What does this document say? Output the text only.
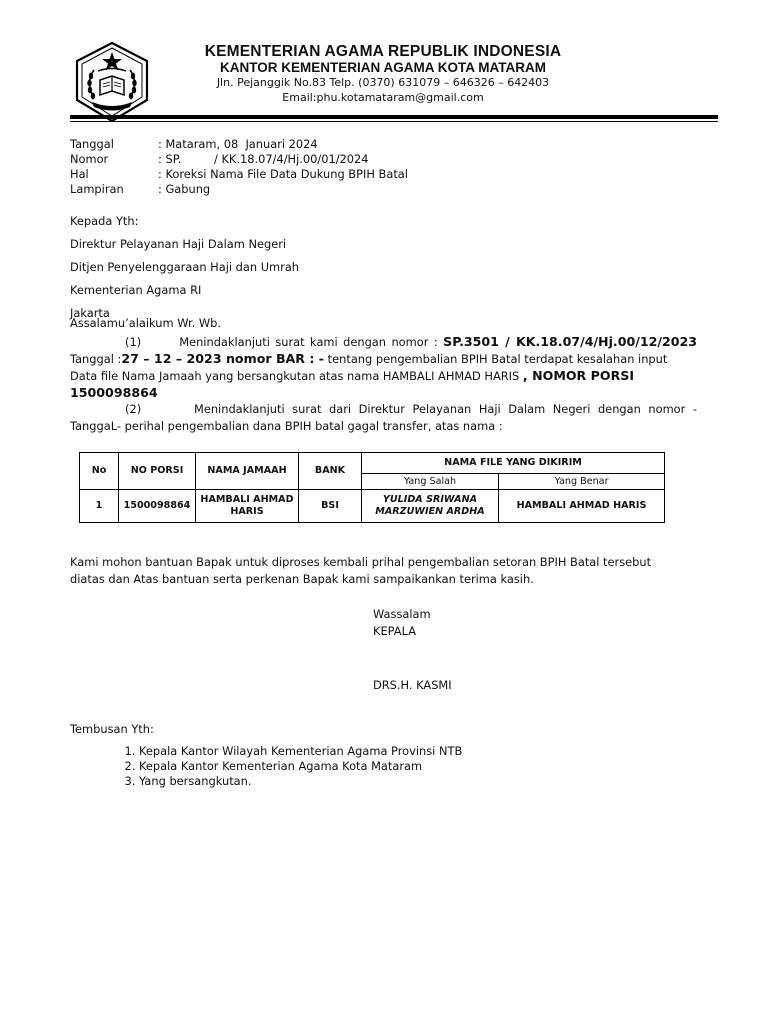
KEMENTERIAN AGAMA REPUBLIK INDONESIA
KANTOR KEMENTERIAN AGAMA KOTA MATARAM
Jln. Pejanggik No.83 Telp. (0370) 631079 – 646326 – 642403
Email:phu.kotamataram@gmail.com
Tanggal	: Mataram, 08  Januari 2024
Nomor	: SP.         / KK.18.07/4/Hj.00/01/2024
Hal	: Koreksi Nama File Data Dukung BPIH Batal
Lampiran	: Gabung
Kepada Yth:
Direktur Pelayanan Haji Dalam Negeri
Ditjen Penyelenggaraan Haji dan Umrah
Kementerian Agama RI
Jakarta
Assalamu’alaikum Wr. Wb.
(1)	Menindaklanjuti surat kami dengan nomor : SP.3501 / KK.18.07/4/Hj.00/12/2023
Tanggal :27 – 12 – 2023 nomor BAR : - tentang pengembalian BPIH Batal terdapat kesalahan input
Data file Nama Jamaah yang bersangkutan atas nama HAMBALI AHMAD HARIS , NOMOR PORSI
1500098864
(2)	Menindaklanjuti surat dari Direktur Pelayanan Haji Dalam Negeri dengan nomor -
TanggaL- perihal pengembalian dana BPIH batal gagal transfer, atas nama :
No	NO PORSI	NAMA JAMAAH	BANK	NAMA FILE YANG DIKIRIM	
				Yang Salah	Yang Benar
1	1500098864	HAMBALI AHMAD HARIS	BSI	YULIDA SRIWANA MARZUWIEN ARDHA	HAMBALI AHMAD HARIS
Kami mohon bantuan Bapak untuk diproses kembali prihal pengembalian setoran BPIH Batal tersebut
diatas dan Atas bantuan serta perkenan Bapak kami sampaikankan terima kasih.
Wassalam
KEPALA
DRS.H. KASMI
Tembusan Yth:
1. Kepala Kantor Wilayah Kementerian Agama Provinsi NTB
2. Kepala Kantor Kementerian Agama Kota Mataram
3. Yang bersangkutan.
